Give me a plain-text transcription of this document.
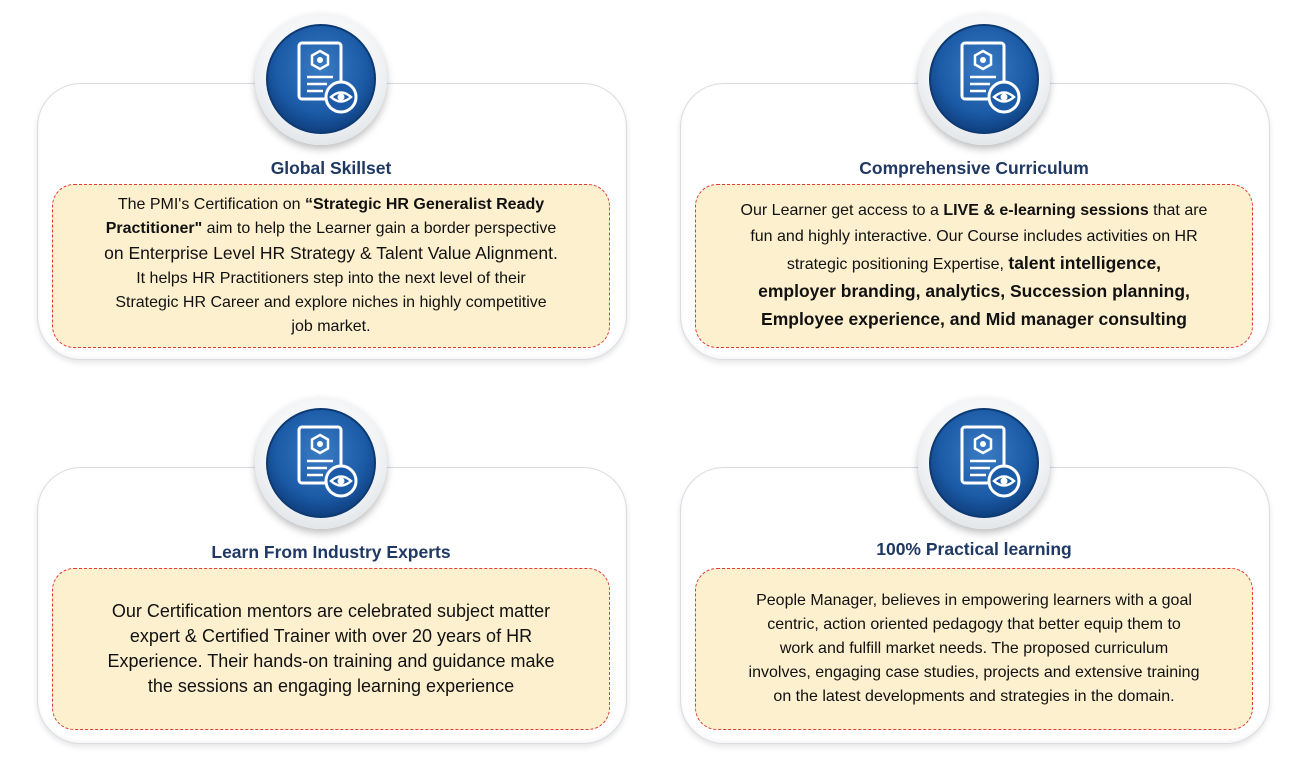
Global Skillset

The PMI's Certification on “Strategic HR Generalist Ready
Practitioner" aim to help the Learner gain a border perspective
on Enterprise Level HR Strategy & Talent Value Alignment.
It helps HR Practitioners step into the next level of their
Strategic HR Career and explore niches in highly competitive
job market.

Comprehensive Curriculum

Our Learner get access to a LIVE & e-learning sessions that are
fun and highly interactive. Our Course includes activities on HR
strategic positioning Expertise, talent intelligence,
employer branding, analytics, Succession planning,
Employee experience, and Mid manager consulting

Learn From Industry Experts

Our Certification mentors are celebrated subject matter
expert & Certified Trainer with over 20 years of HR
Experience. Their hands-on training and guidance make
the sessions an engaging learning experience

100% Practical learning

People Manager, believes in empowering learners with a goal
centric, action oriented pedagogy that better equip them to
work and fulfill market needs. The proposed curriculum
involves, engaging case studies, projects and extensive training
on the latest developments and strategies in the domain.
